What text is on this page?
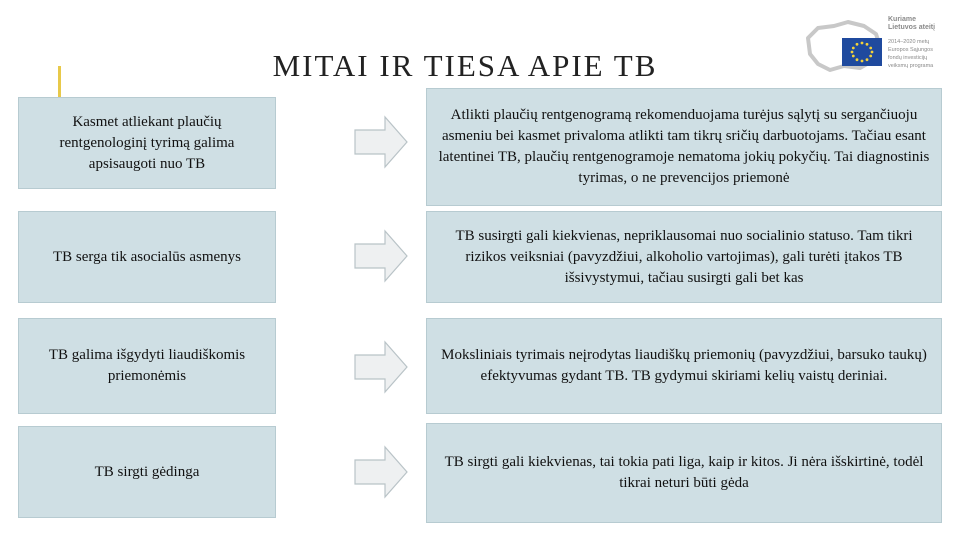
MITAI IR TIESA APIE TB
Kuriame
Lietuvos ateitį
2014–2020 metų
Europos Sąjungos
fondų investicijų
veiksmų programa
Kasmet atliekant plaučių rentgenologinį tyrimą galima apsisaugoti nuo TB
Atlikti plaučių rentgenogramą rekomenduojama turėjus sąlytį su sergančiuoju asmeniu bei kasmet privaloma atlikti tam tikrų sričių darbuotojams. Tačiau esant latentinei TB, plaučių rentgenogramoje nematoma jokių pokyčių. Tai diagnostinis tyrimas, o ne prevencijos priemonė
TB serga tik asocialūs asmenys
TB susirgti gali kiekvienas, nepriklausomai nuo socialinio statuso. Tam tikri rizikos veiksniai (pavyzdžiui, alkoholio vartojimas), gali turėti įtakos TB išsivystymui, tačiau susirgti gali bet kas
TB galima išgydyti liaudiškomis priemonėmis
Moksliniais tyrimais neįrodytas liaudiškų priemonių (pavyzdžiui, barsuko taukų) efektyvumas gydant TB. TB gydymui skiriami kelių vaistų deriniai.
TB sirgti gėdinga
TB sirgti gali kiekvienas, tai tokia pati liga, kaip ir kitos. Ji nėra išskirtinė, todėl tikrai neturi būti gėda
